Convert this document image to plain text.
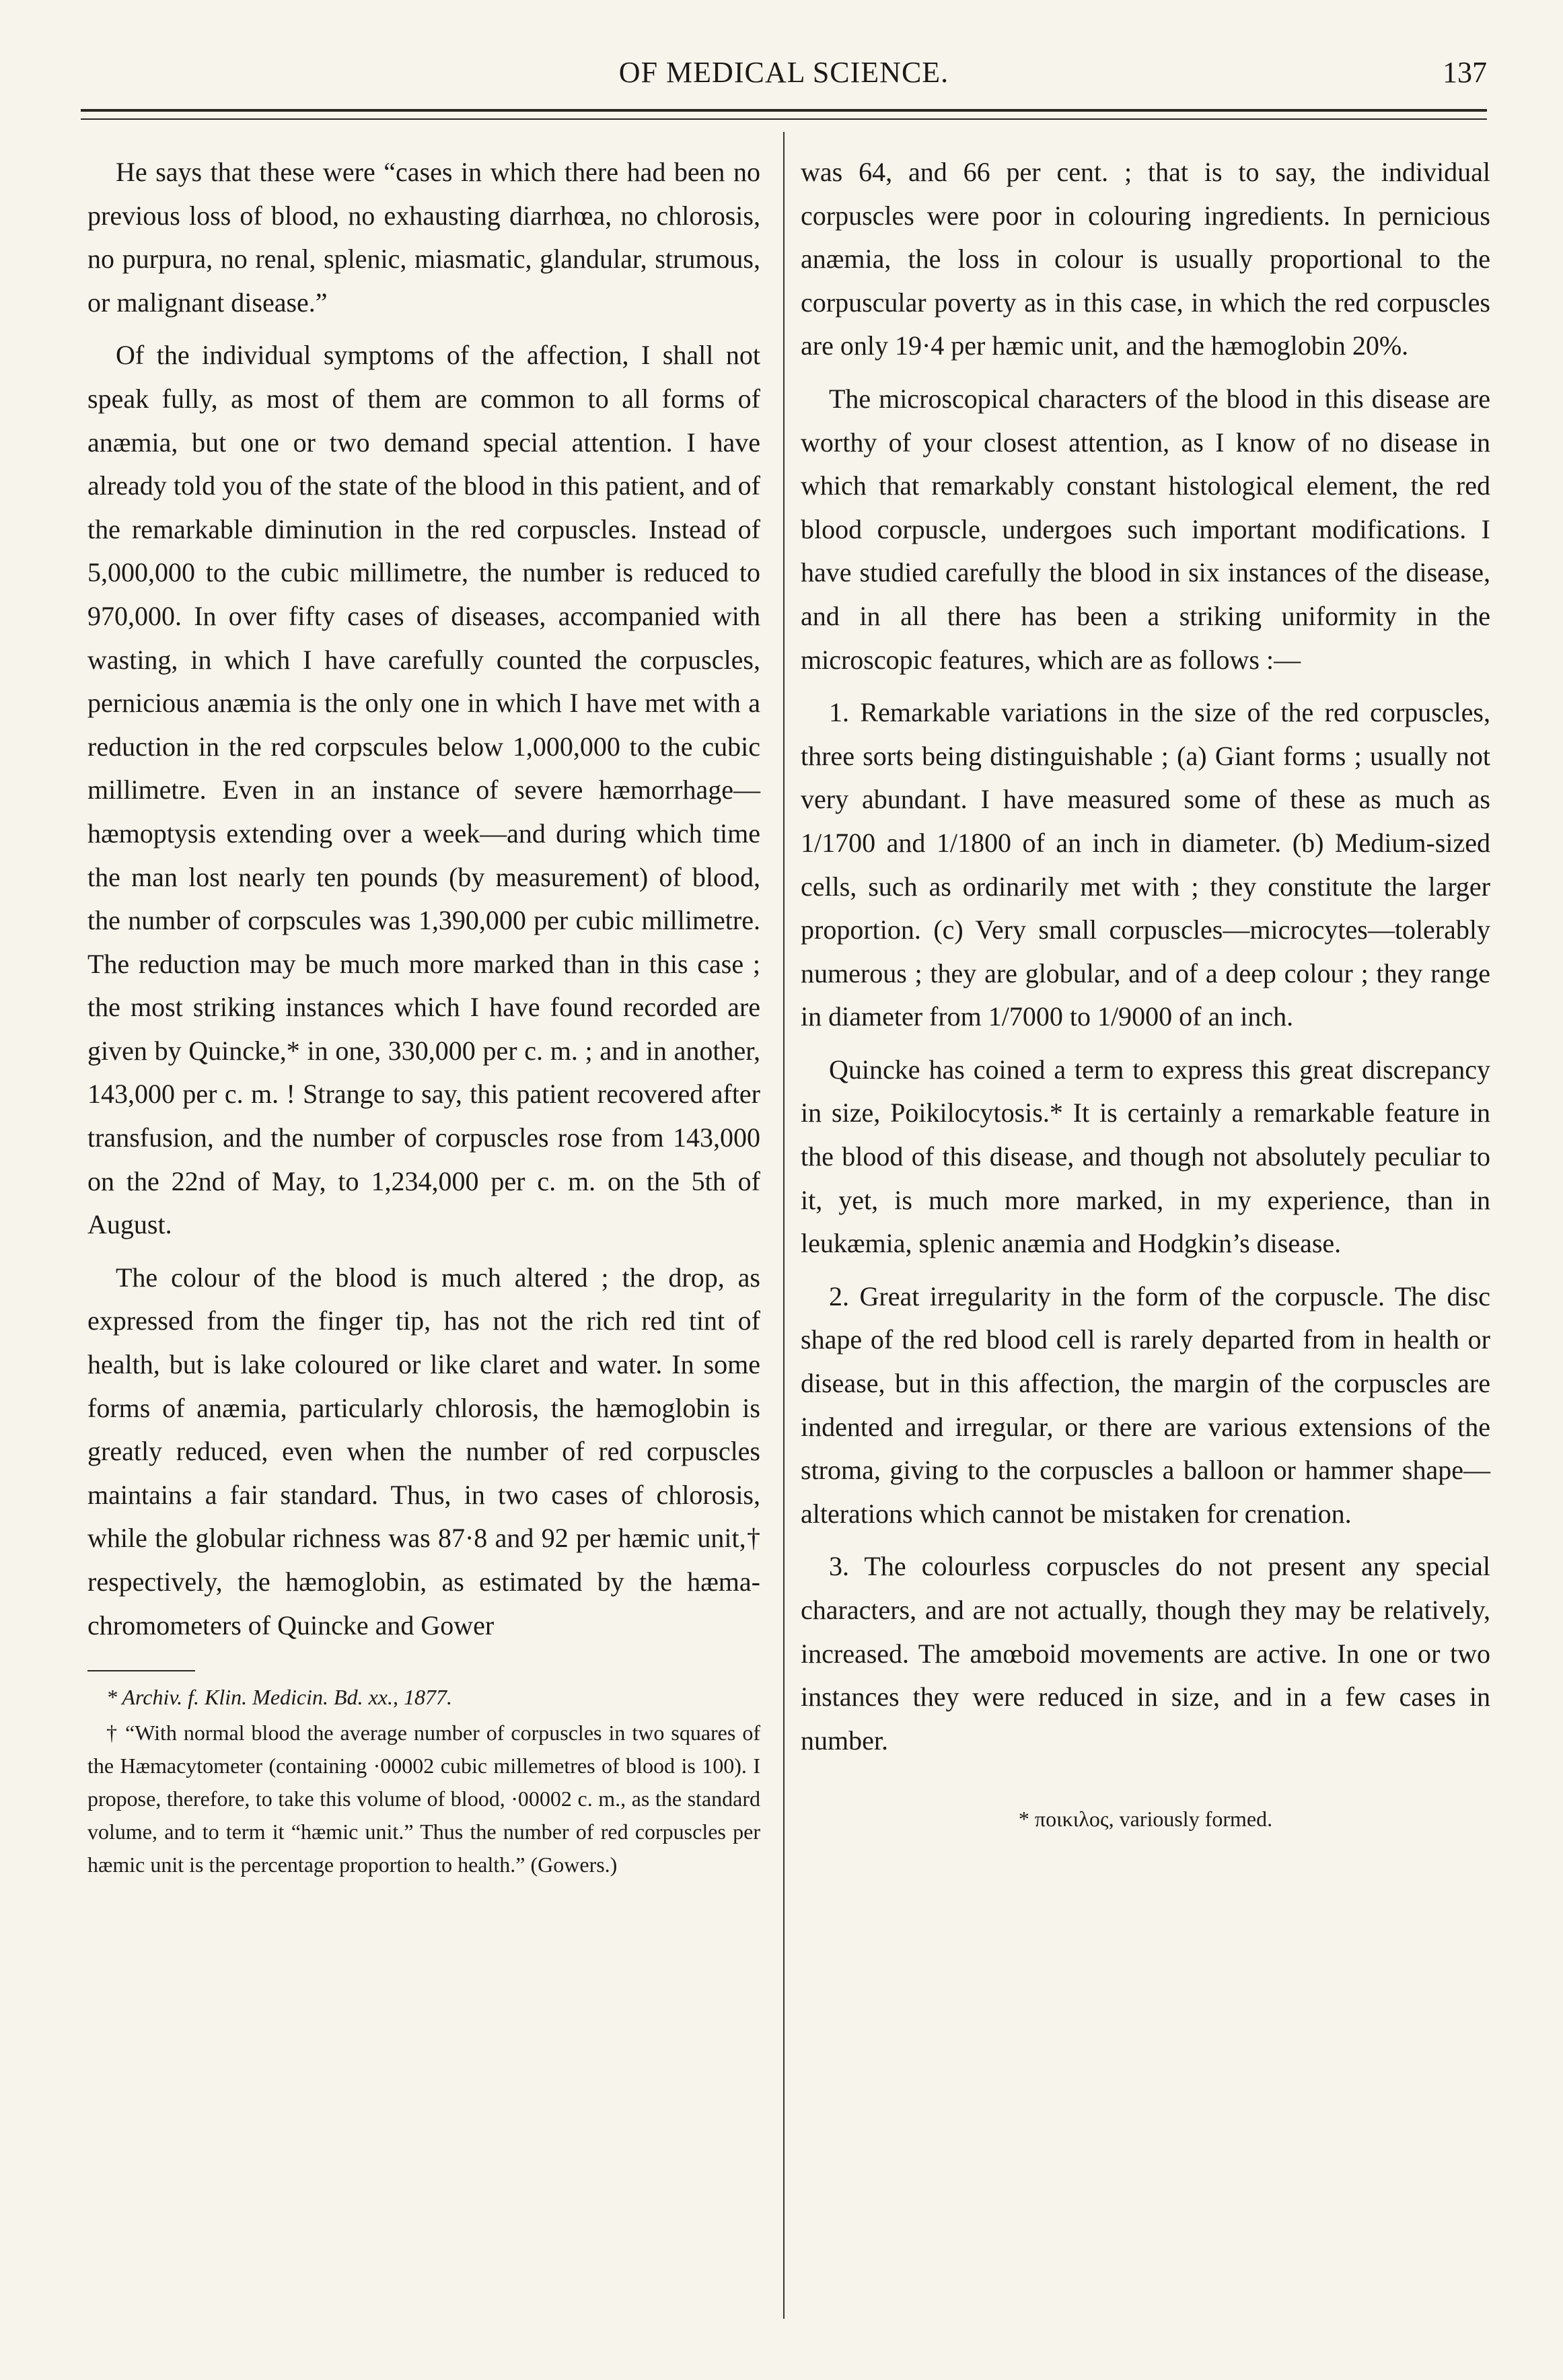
OF MEDICAL SCIENCE.	137

He says that these were “cases in which there had been no previous loss of blood, no exhausting diarrhœa, no chlorosis, no purpura, no renal, splenic, miasmatic, glandular, strumous, or malignant disease.”

Of the individual symptoms of the affection, I shall not speak fully, as most of them are common to all forms of anæmia, but one or two demand special attention. I have already told you of the state of the blood in this patient, and of the remarkable diminution in the red corpuscles. Instead of 5,000,000 to the cubic millimetre, the number is reduced to 970,000. In over fifty cases of diseases, accompanied with wasting, in which I have carefully counted the corpuscles, pernicious anæmia is the only one in which I have met with a reduction in the red corpscules below 1,000,000 to the cubic millimetre. Even in an instance of severe hæmorrhage—hæmoptysis extending over a week—and during which time the man lost nearly ten pounds (by measurement) of blood, the number of corpscules was 1,390,000 per cubic millimetre. The reduction may be much more marked than in this case ; the most striking instances which I have found recorded are given by Quincke,* in one, 330,000 per c. m. ; and in another, 143,000 per c. m. ! Strange to say, this patient recovered after transfusion, and the number of corpuscles rose from 143,000 on the 22nd of May, to 1,234,000 per c. m. on the 5th of August.

The colour of the blood is much altered ; the drop, as expressed from the finger tip, has not the rich red tint of health, but is lake coloured or like claret and water. In some forms of anæmia, particularly chlorosis, the hæmoglobin is greatly reduced, even when the number of red corpuscles maintains a fair standard. Thus, in two cases of chlorosis, while the globular richness was 87·8 and 92 per hæmic unit,† respectively, the hæmoglobin, as estimated by the hæma-chromometers of Quincke and Gower

* Archiv. f. Klin. Medicin. Bd. xx., 1877.

† “With normal blood the average number of corpuscles in two squares of the Hæmacytometer (containing ·00002 cubic millemetres of blood is 100). I propose, therefore, to take this volume of blood, ·00002 c. m., as the standard volume, and to term it “hæmic unit.” Thus the number of red corpuscles per hæmic unit is the percentage proportion to health.” (Gowers.)

was 64, and 66 per cent. ; that is to say, the individual corpuscles were poor in colouring ingredients. In pernicious anæmia, the loss in colour is usually proportional to the corpuscular poverty as in this case, in which the red corpuscles are only 19·4 per hæmic unit, and the hæmoglobin 20%.

The microscopical characters of the blood in this disease are worthy of your closest attention, as I know of no disease in which that remarkably constant histological element, the red blood corpuscle, undergoes such important modifications. I have studied carefully the blood in six instances of the disease, and in all there has been a striking uniformity in the microscopic features, which are as follows :—

1. Remarkable variations in the size of the red corpuscles, three sorts being distinguishable ; (a) Giant forms ; usually not very abundant. I have measured some of these as much as 1/1700 and 1/1800 of an inch in diameter. (b) Medium-sized cells, such as ordinarily met with ; they constitute the larger proportion. (c) Very small corpuscles—microcytes—tolerably numerous ; they are globular, and of a deep colour ; they range in diameter from 1/7000 to 1/9000 of an inch.

Quincke has coined a term to express this great discrepancy in size, Poikilocytosis.* It is certainly a remarkable feature in the blood of this disease, and though not absolutely peculiar to it, yet, is much more marked, in my experience, than in leukæmia, splenic anæmia and Hodgkin’s disease.

2. Great irregularity in the form of the corpuscle. The disc shape of the red blood cell is rarely departed from in health or disease, but in this affection, the margin of the corpuscles are indented and irregular, or there are various extensions of the stroma, giving to the corpuscles a balloon or hammer shape—alterations which cannot be mistaken for crenation.

3. The colourless corpuscles do not present any special characters, and are not actually, though they may be relatively, increased. The amœboid movements are active. In one or two instances they were reduced in size, and in a few cases in number.

* ποικιλος, variously formed.
